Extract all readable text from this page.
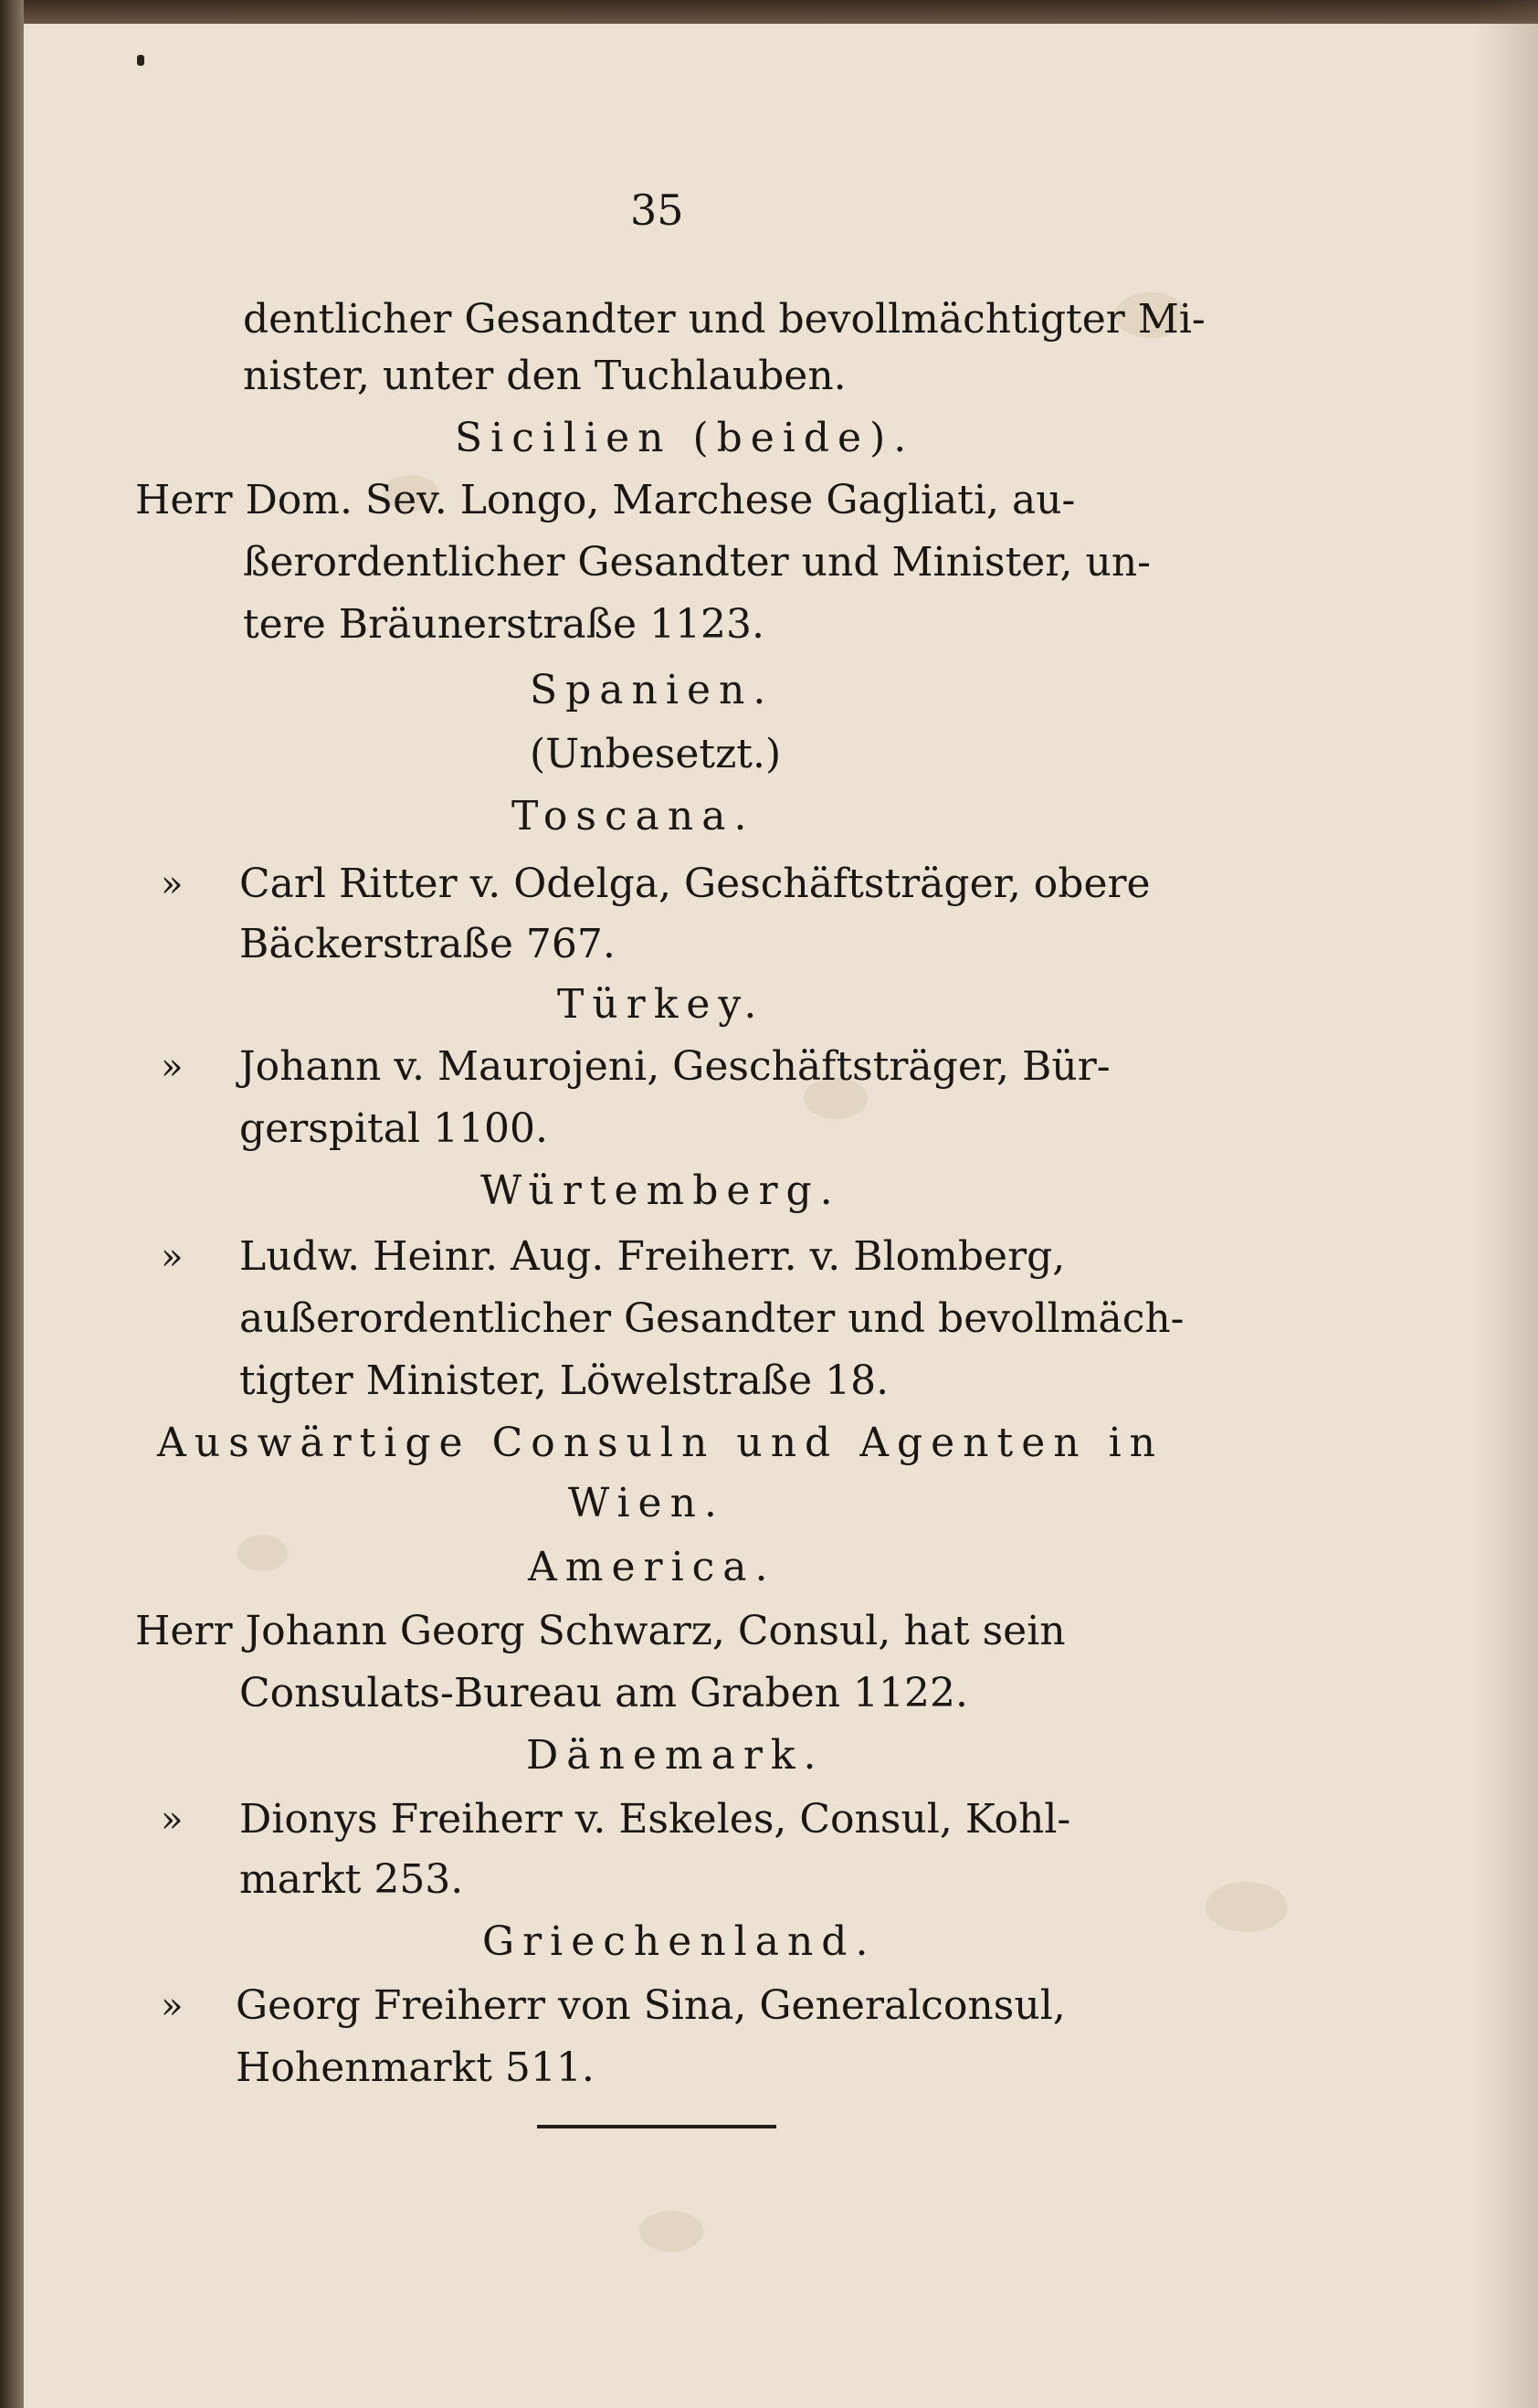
35
dentlicher Gesandter und bevollmächtigter Mi-
nister, unter den Tuchlauben.
Sicilien (beide).
Herr Dom. Sev. Longo, Marchese Gagliati, au-
ßerordentlicher Gesandter und Minister, un-
tere Bräunerstraße 1123.
Spanien.
(Unbesetzt.)
Toscana.
» Carl Ritter v. Odelga, Geschäftsträger, obere
Bäckerstraße 767.
Türkey.
» Johann v. Maurojeni, Geschäftsträger, Bür-
gerspital 1100.
Würtemberg.
» Ludw. Heinr. Aug. Freiherr. v. Blomberg,
außerordentlicher Gesandter und bevollmäch-
tigter Minister, Löwelstraße 18.
Auswärtige Consuln und Agenten in
Wien.
America.
Herr Johann Georg Schwarz, Consul, hat sein
Consulats-Bureau am Graben 1122.
Dänemark.
» Dionys Freiherr v. Eskeles, Consul, Kohl-
markt 253.
Griechenland.
» Georg Freiherr von Sina, Generalconsul,
Hohenmarkt 511.
